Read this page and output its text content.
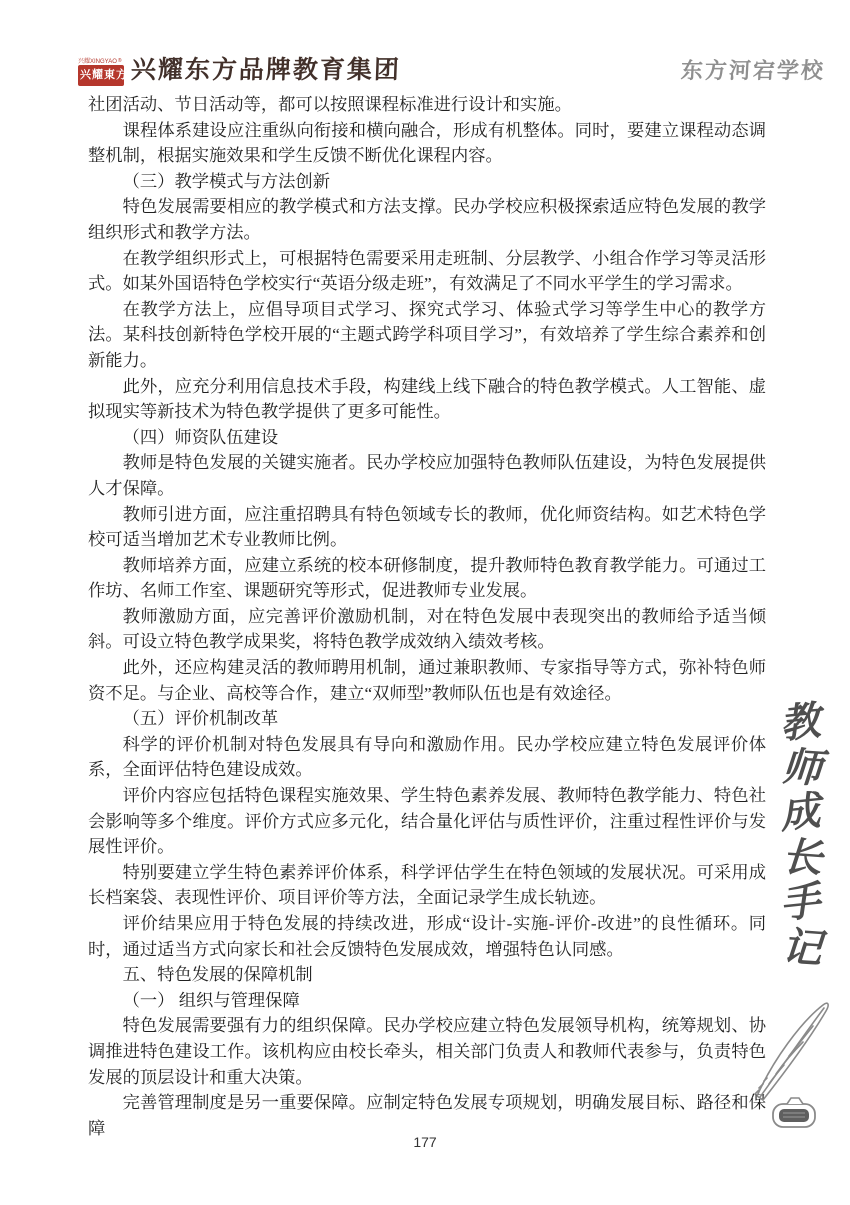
兴耀XINGYAO ®
兴耀東方 兴耀东方品牌教育集团	东方河宕学校

社团活动、节日活动等，都可以按照课程标准进行设计和实施。

课程体系建设应注重纵向衔接和横向融合，形成有机整体。同时，要建立课程动态调整机制，根据实施效果和学生反馈不断优化课程内容。

（三）教学模式与方法创新

特色发展需要相应的教学模式和方法支撑。民办学校应积极探索适应特色发展的教学组织形式和教学方法。

在教学组织形式上，可根据特色需要采用走班制、分层教学、小组合作学习等灵活形式。如某外国语特色学校实行“英语分级走班”，有效满足了不同水平学生的学习需求。

在教学方法上，应倡导项目式学习、探究式学习、体验式学习等学生中心的教学方法。某科技创新特色学校开展的“主题式跨学科项目学习”，有效培养了学生综合素养和创新能力。

此外，应充分利用信息技术手段，构建线上线下融合的特色教学模式。人工智能、虚拟现实等新技术为特色教学提供了更多可能性。

（四）师资队伍建设

教师是特色发展的关键实施者。民办学校应加强特色教师队伍建设，为特色发展提供人才保障。

教师引进方面，应注重招聘具有特色领域专长的教师，优化师资结构。如艺术特色学校可适当增加艺术专业教师比例。

教师培养方面，应建立系统的校本研修制度，提升教师特色教育教学能力。可通过工作坊、名师工作室、课题研究等形式，促进教师专业发展。

教师激励方面，应完善评价激励机制，对在特色发展中表现突出的教师给予适当倾斜。可设立特色教学成果奖，将特色教学成效纳入绩效考核。

此外，还应构建灵活的教师聘用机制，通过兼职教师、专家指导等方式，弥补特色师资不足。与企业、高校等合作，建立“双师型”教师队伍也是有效途径。

（五）评价机制改革

科学的评价机制对特色发展具有导向和激励作用。民办学校应建立特色发展评价体系，全面评估特色建设成效。

评价内容应包括特色课程实施效果、学生特色素养发展、教师特色教学能力、特色社会影响等多个维度。评价方式应多元化，结合量化评估与质性评价，注重过程性评价与发展性评价。

特别要建立学生特色素养评价体系，科学评估学生在特色领域的发展状况。可采用成长档案袋、表现性评价、项目评价等方法，全面记录学生成长轨迹。

评价结果应用于特色发展的持续改进，形成“设计-实施-评价-改进”的良性循环。同时，通过适当方式向家长和社会反馈特色发展成效，增强特色认同感。

五、特色发展的保障机制

（一） 组织与管理保障

特色发展需要强有力的组织保障。民办学校应建立特色发展领导机构，统筹规划、协调推进特色建设工作。该机构应由校长牵头，相关部门负责人和教师代表参与，负责特色发展的顶层设计和重大决策。

完善管理制度是另一重要保障。应制定特色发展专项规划，明确发展目标、路径和保障

教
师
成
长
手
记
177
